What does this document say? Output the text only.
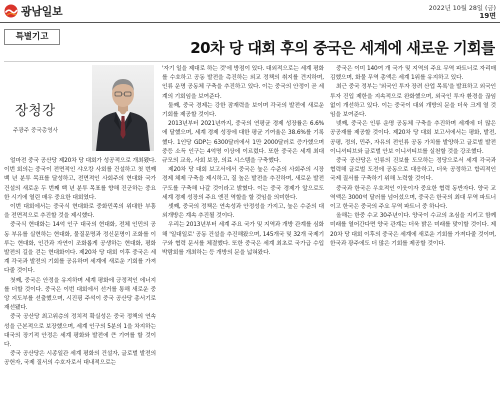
광남일보	2022년 10월 28일 (금)
19면
특별기고
20차 당 대회 후의 중국은 세계에 새로운 기회를
장청강
주광주 중국총영사

얼마전 중국 공산당 제20차 당 대회가 성공적으로 개최됐다. 이번 회의는 중국이 전면적인 샤오캉 사회를 건설하고 첫 번째 백 년 분투 목표를 달성하고, 전면적인 사회주의 현대화 국가 건설의 새로운 두 번째 백 년 분투 목표를 향해 진군하는 중요한 시기에 열린 매우 중요한 대회였다.

이번 대회에서는 중국식 현대화로 중화민족의 위대한 부흥을 전면적으로 추진할 것을 제시했다.

중국식 현대화는 14억 인구 대국의 현대화, 전체 인민의 공동 부유를 실현하는 현대화, 물질문명과 정신문명이 조화를 이루는 현대화, 인간과 자연이 조화롭게 공생하는 현대화, 평화 발전의 길을 걷는 현대화이다. 제20차 당 대회 이후 중국은 세계 각국과 발전의 기회를 공유하며 세계에 새로운 기회를 가져다줄 것이다.

첫째, 중국은 안정을 유지하며 세계 평화에 긍정적인 에너지를 더할 것이다. 중국은 이번 대회에서 선거를 통해 새로운 중앙 지도부를 선출했으며, 시진핑 주석이 중국 공산당 총서기로 재선됐다.

중국 공산당 최고위층의 정치적 확실성은 중국 정책의 연속성을 근본적으로 보장했으며, 세계 인구의 5분의 1을 차지하는 대국의 장기적 안정은 세계 평화와 발전에 큰 기여를 할 것이다.

중국 공산당은 시종일관 세계 평화의 건설자, 글로벌 발전의 공헌자, 국제 질서의 수호자로서 대내적으로는

'자기 일을 제대로 하는 것'에 방점이 있다. 대외적으로는 세계 평화를 수호하고 공동 발전을 촉진하는 외교 정책의 취지를 견지하며, 인류 운명 공동체 구축을 추진하고 있다. 이는 중국의 안정이 곧 세계의 기회임을 보여준다.

둘째, 중국 경제는 강한 잠재력을 보이며 각국의 발전에 새로운 기회를 제공할 것이다.

2013년부터 2021년까지, 중국의 연평균 경제 성장률은 6.6%에 달했으며, 세계 경제 성장에 대한 평균 기여율은 38.6%를 기록했다. 1인당 GDP는 6300달러에서 1만 2000달러로 증가했으며 중등 소득 인구는 4억명 이상에 이르렀다. 또한 중국은 세계 최대 규모의 교육, 사회 보장, 의료 시스템을 구축했다.

제20차 당 대회 보고서에서 중국은 높은 수준의 사회주의 시장 경제 체제 구축을 제시하고, 질 높은 발전을 추진하며, 새로운 발전 구도를 구축해 나갈 것이라고 밝혔다. 이는 중국 경제가 앞으로도 세계 경제 성장의 주요 엔진 역할을 할 것임을 의미한다.

셋째, 중국의 정책은 연속성과 안정성을 가지고, 높은 수준의 대외개방은 계속 추진될 것이다.

우리는 2013년부터 세계 주요 국가 및 지역과 개방 관계를 심화해 '일대일로' 공동 건설을 추진해왔으며, 145개국 및 32개 국제기구와 협력 문서를 체결했다. 또한 중국은 세계 최초로 국가급 수입 박람회를 개최하는 등 개방의 문을 넓혀왔다.

중국은 이미 140여 개 국가 및 지역의 주요 무역 파트너로 자리매김했으며, 화물 무역 총액은 세계 1위를 유지하고 있다.

최근 중국 정부는 '외국인 투자 장려 산업 목록'을 발표하고 외국인 투자 진입 제한을 지속적으로 완화했으며, 외국인 투자 환경을 끊임없이 개선하고 있다. 이는 중국이 대외 개방의 문을 더욱 크게 열 것임을 보여준다.

넷째, 중국은 인류 운명 공동체 구축을 추진하며 세계에 더 많은 공공재를 제공할 것이다. 제20차 당 대회 보고서에서는 평화, 발전, 공평, 정의, 민주, 자유의 전인류 공동 가치를 발양하고 글로벌 발전 이니셔티브와 글로벌 안보 이니셔티브를 실천할 것을 강조했다.

중국 공산당은 인류의 진보를 도모하는 정당으로서 세계 각국과 협력해 글로벌 도전에 공동으로 대응하고, 더욱 공정하고 합리적인 국제 질서를 구축하기 위해 노력할 것이다.

중국과 한국은 우호적인 이웃이자 중요한 협력 동반자다. 양국 교역액은 3000억 달러를 넘어섰으며, 중국은 한국의 최대 무역 파트너이고 한국은 중국의 주요 무역 파트너 중 하나다.

올해는 한중 수교 30주년이다. 양국이 수교의 초심을 지키고 함께 미래를 열어간다면 양국 관계는 더욱 밝은 미래를 맞이할 것이다. 제20차 당 대회 이후의 중국은 세계에 새로운 기회를 가져다줄 것이며, 한국과 광주에도 더 많은 기회를 제공할 것이다.
